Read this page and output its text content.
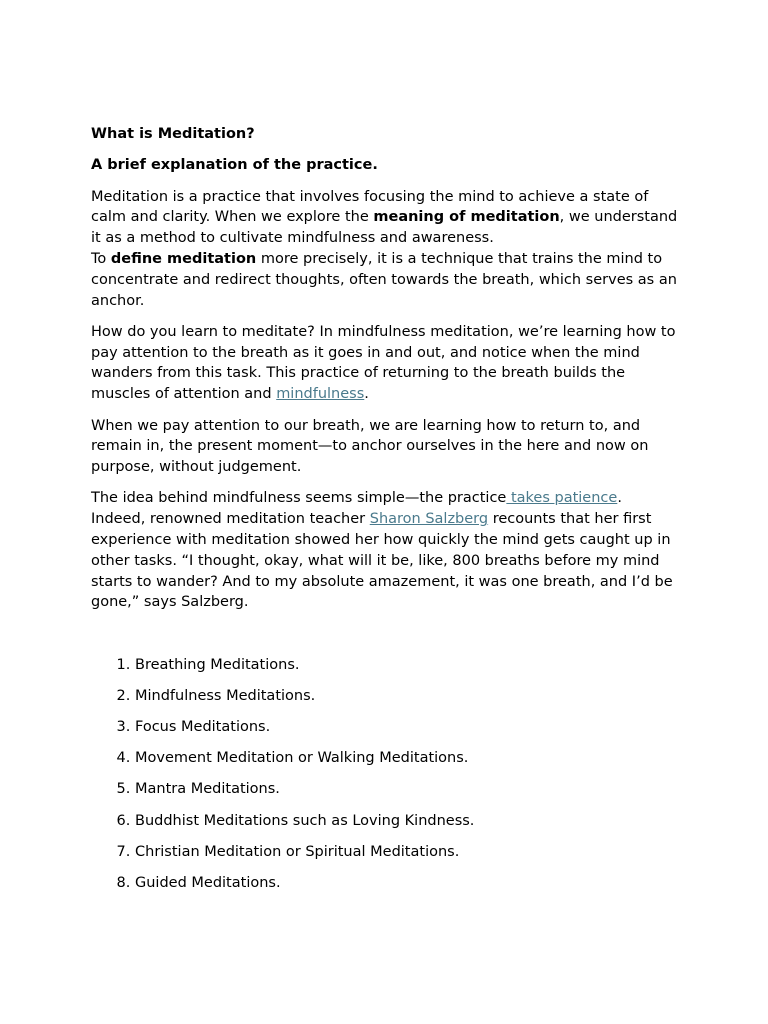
What is Meditation?

A brief explanation of the practice.

Meditation is a practice that involves focusing the mind to achieve a state of calm and clarity. When we explore the meaning of meditation, we understand it as a method to cultivate mindfulness and awareness.
To define meditation more precisely, it is a technique that trains the mind to concentrate and redirect thoughts, often towards the breath, which serves as an anchor.

How do you learn to meditate? In mindfulness meditation, we’re learning how to pay attention to the breath as it goes in and out, and notice when the mind wanders from this task. This practice of returning to the breath builds the muscles of attention and mindfulness.

When we pay attention to our breath, we are learning how to return to, and remain in, the present moment—to anchor ourselves in the here and now on purpose, without judgement.

The idea behind mindfulness seems simple—the practice takes patience. Indeed, renowned meditation teacher Sharon Salzberg recounts that her first experience with meditation showed her how quickly the mind gets caught up in other tasks. “I thought, okay, what will it be, like, 800 breaths before my mind starts to wander? And to my absolute amazement, it was one breath, and I’d be gone,” says Salzberg.

1. Breathing Meditations.
2. Mindfulness Meditations.
3. Focus Meditations.
4. Movement Meditation or Walking Meditations.
5. Mantra Meditations.
6. Buddhist Meditations such as Loving Kindness.
7. Christian Meditation or Spiritual Meditations.
8. Guided Meditations.
